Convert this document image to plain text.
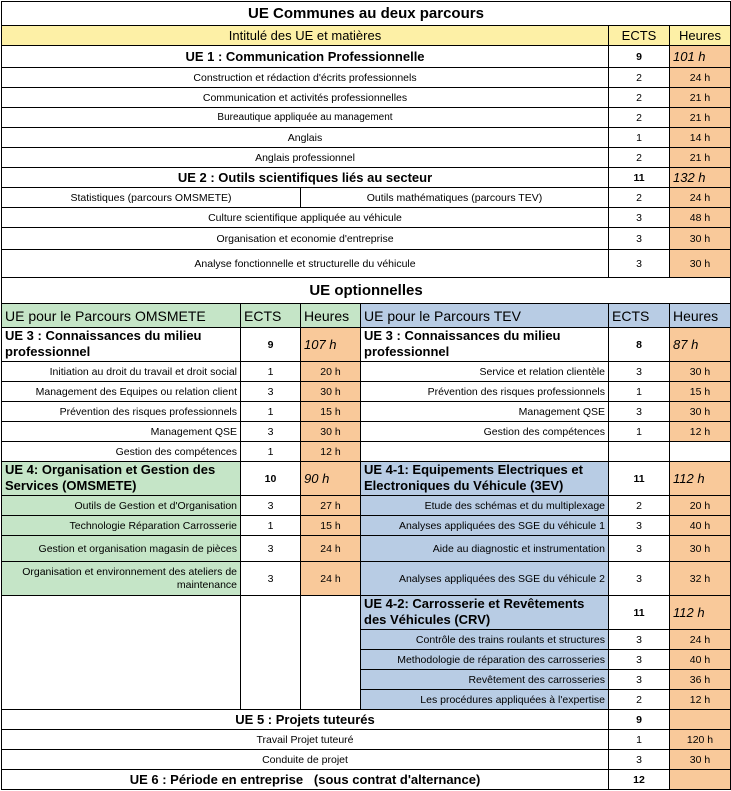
UE Communes au deux parcours					
Intitulé des UE et matières				ECTS	Heures
UE 1 : Communication Professionnelle				9	101 h
Construction et rédaction d'écrits professionnels				2	24 h
Communication et activités professionnelles				2	21 h
Bureautique appliquée au management				2	21 h
Anglais				1	14 h
Anglais professionnel				2	21 h
UE 2 : Outils scientifiques liés au secteur				11	132 h
Statistiques (parcours OMSMETE)		Outils mathématiques (parcours TEV)		2	24 h
Culture scientifique appliquée au véhicule				3	48 h
Organisation et economie d'entreprise				3	30 h
Analyse fonctionnelle et structurelle du véhicule				3	30 h
UE optionnelles					
UE pour le Parcours OMSMETE	ECTS	Heures	UE pour le Parcours TEV	ECTS	Heures
UE 3 : Connaissances du milieu professionnel	9	107 h	UE 3 : Connaissances du milieu professionnel	8	87 h
Initiation au droit du travail et droit social	1	20 h	Service et relation clientèle	3	30 h
Management des Equipes ou relation client	3	30 h	Prévention des risques professionnels	1	15 h
Prévention des risques professionnels	1	15 h	Management QSE	3	30 h
Management QSE	3	30 h	Gestion des compétences	1	12 h
Gestion des compétences	1	12 h			
UE 4: Organisation et Gestion des Services (OMSMETE)	10	90 h	UE 4-1: Equipements Electriques et Electroniques du Véhicule (3EV)	11	112 h
Outils de Gestion et d'Organisation	3	27 h	Etude des schémas et du multiplexage	2	20 h
Technologie Réparation Carrosserie	1	15 h	Analyses appliquées des SGE du véhicule 1	3	40 h
Gestion et organisation magasin de pièces	3	24 h	Aide au diagnostic et instrumentation	3	30 h
Organisation et environnement des ateliers de maintenance	3	24 h	Analyses appliquées des SGE du véhicule 2	3	32 h
			UE 4-2: Carrosserie et Revêtements des Véhicules (CRV)	11	112 h
			Contrôle des trains roulants et structures	3	24 h
			Methodologie de réparation des carrosseries	3	40 h
			Revêtement des carrosseries	3	36 h
			Les procédures appliquées à l'expertise	2	12 h
UE 5 : Projets tuteurés				9	
Travail Projet tuteuré				1	120 h
Conduite de projet				3	30 h
UE 6 : Période en entreprise   (sous contrat d'alternance)				12	
